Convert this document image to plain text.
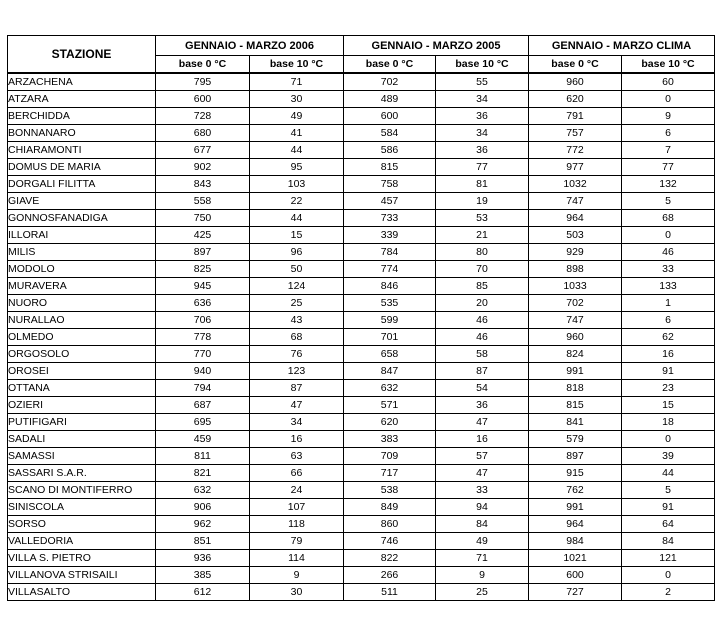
STAZIONE	GENNAIO - MARZO 2006		GENNAIO - MARZO 2005		GENNAIO - MARZO CLIMA	
	base 0 °C	base 10 °C	base 0 °C	base 10 °C	base 0 °C	base 10 °C
ARZACHENA	795	71	702	55	960	60
ATZARA	600	30	489	34	620	0
BERCHIDDA	728	49	600	36	791	9
BONNANARO	680	41	584	34	757	6
CHIARAMONTI	677	44	586	36	772	7
DOMUS DE MARIA	902	95	815	77	977	77
DORGALI FILITTA	843	103	758	81	1032	132
GIAVE	558	22	457	19	747	5
GONNOSFANADIGA	750	44	733	53	964	68
ILLORAI	425	15	339	21	503	0
MILIS	897	96	784	80	929	46
MODOLO	825	50	774	70	898	33
MURAVERA	945	124	846	85	1033	133
NUORO	636	25	535	20	702	1
NURALLAO	706	43	599	46	747	6
OLMEDO	778	68	701	46	960	62
ORGOSOLO	770	76	658	58	824	16
OROSEI	940	123	847	87	991	91
OTTANA	794	87	632	54	818	23
OZIERI	687	47	571	36	815	15
PUTIFIGARI	695	34	620	47	841	18
SADALI	459	16	383	16	579	0
SAMASSI	811	63	709	57	897	39
SASSARI S.A.R.	821	66	717	47	915	44
SCANO DI MONTIFERRO	632	24	538	33	762	5
SINISCOLA	906	107	849	94	991	91
SORSO	962	118	860	84	964	64
VALLEDORIA	851	79	746	49	984	84
VILLA S. PIETRO	936	114	822	71	1021	121
VILLANOVA STRISAILI	385	9	266	9	600	0
VILLASALTO	612	30	511	25	727	2
